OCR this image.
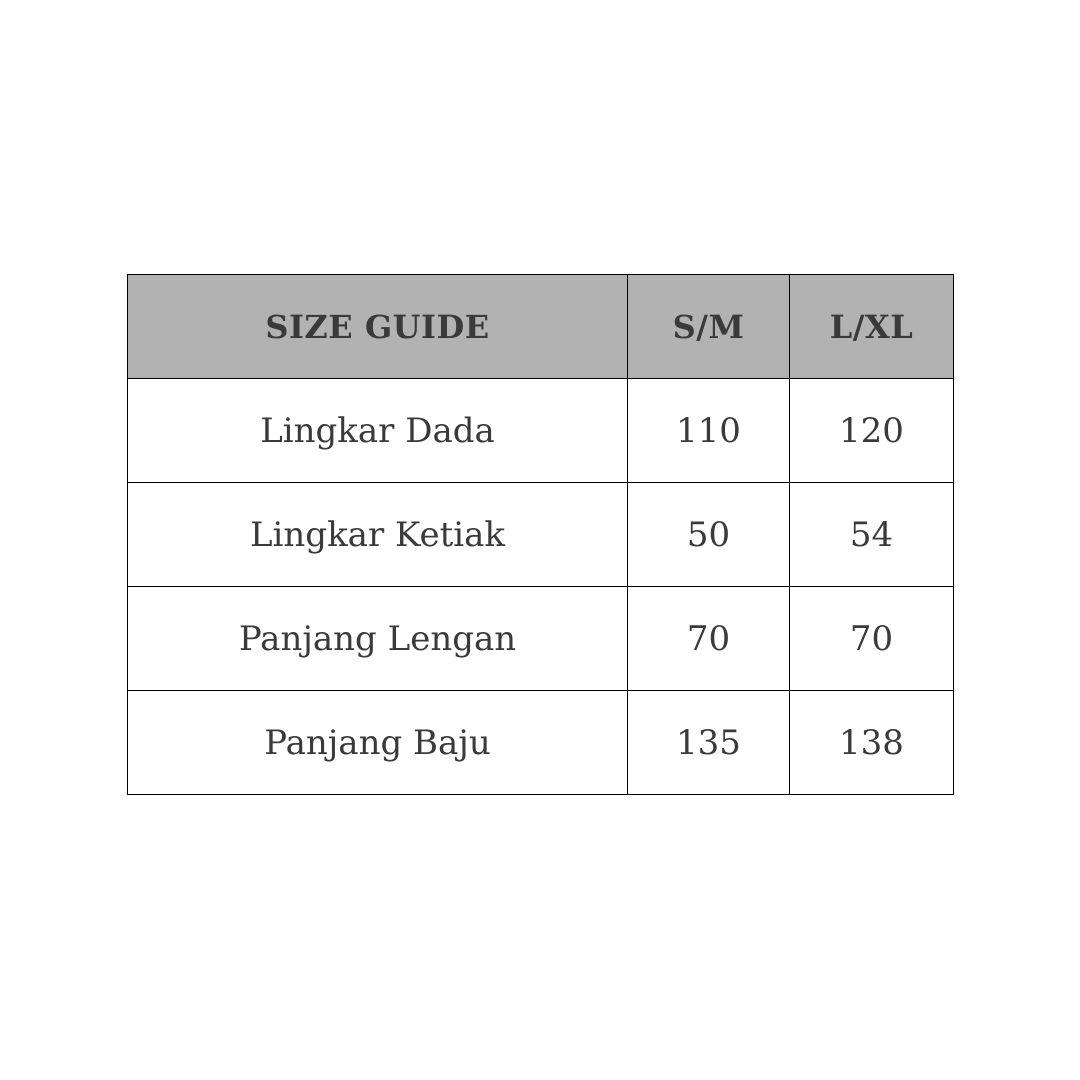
SIZE GUIDE	S/M	L/XL
Lingkar Dada	110	120
Lingkar Ketiak	50	54
Panjang Lengan	70	70
Panjang Baju	135	138
